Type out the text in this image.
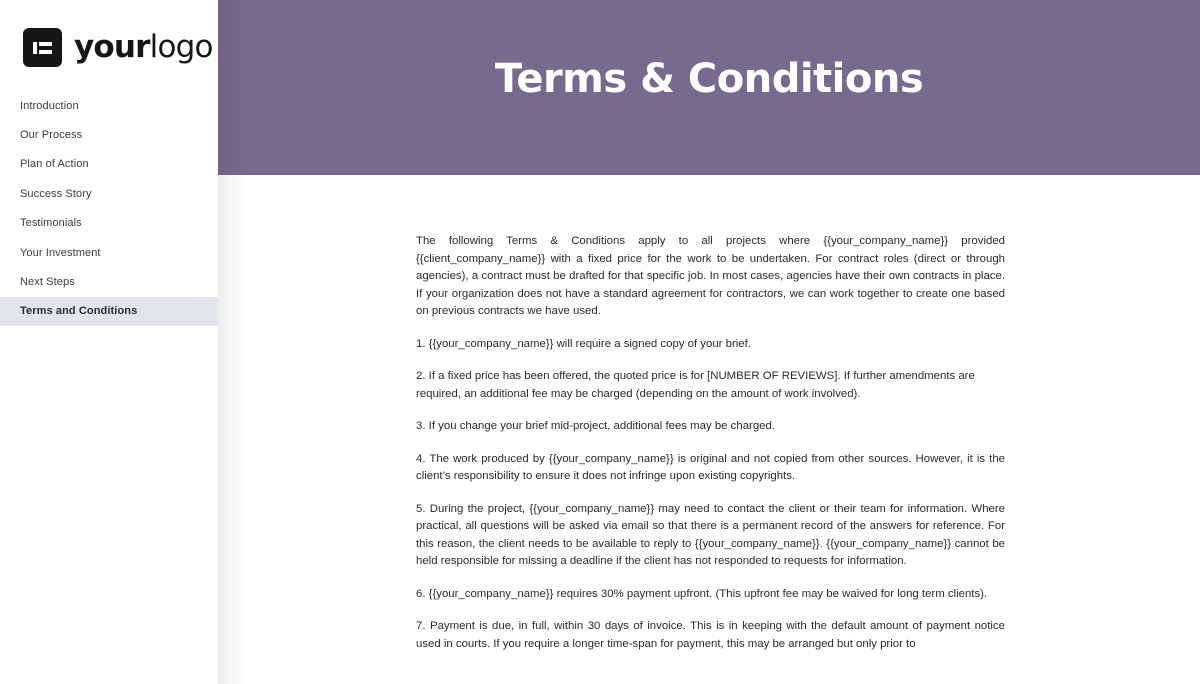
yourlogo
Introduction
Our Process
Plan of Action
Success Story
Testimonials
Your Investment
Next Steps
Terms and Conditions
Terms & Conditions

The following Terms & Conditions apply to all projects where {{your_company_name}} provided {{client_company_name}} with a fixed price for the work to be undertaken. For contract roles (direct or through agencies), a contract must be drafted for that specific job. In most cases, agencies have their own contracts in place. If your organization does not have a standard agreement for contractors, we can work together to create one based on previous contracts we have used.

1. {{your_company_name}} will require a signed copy of your brief.

2. If a fixed price has been offered, the quoted price is for [NUMBER OF REVIEWS]. If further amendments are required, an additional fee may be charged (depending on the amount of work involved).

3. If you change your brief mid-project, additional fees may be charged.

4. The work produced by {{your_company_name}} is original and not copied from other sources. However, it is the client’s responsibility to ensure it does not infringe upon existing copyrights.

5. During the project, {{your_company_name}} may need to contact the client or their team for information. Where practical, all questions will be asked via email so that there is a permanent record of the answers for reference. For this reason, the client needs to be available to reply to {{your_company_name}}. {{your_company_name}} cannot be held responsible for missing a deadline if the client has not responded to requests for information.

6. {{your_company_name}} requires 30% payment upfront. (This upfront fee may be waived for long term clients).

7. Payment is due, in full, within 30 days of invoice. This is in keeping with the default amount of payment notice used in courts. If you require a longer time-span for payment, this may be arranged but only prior to
